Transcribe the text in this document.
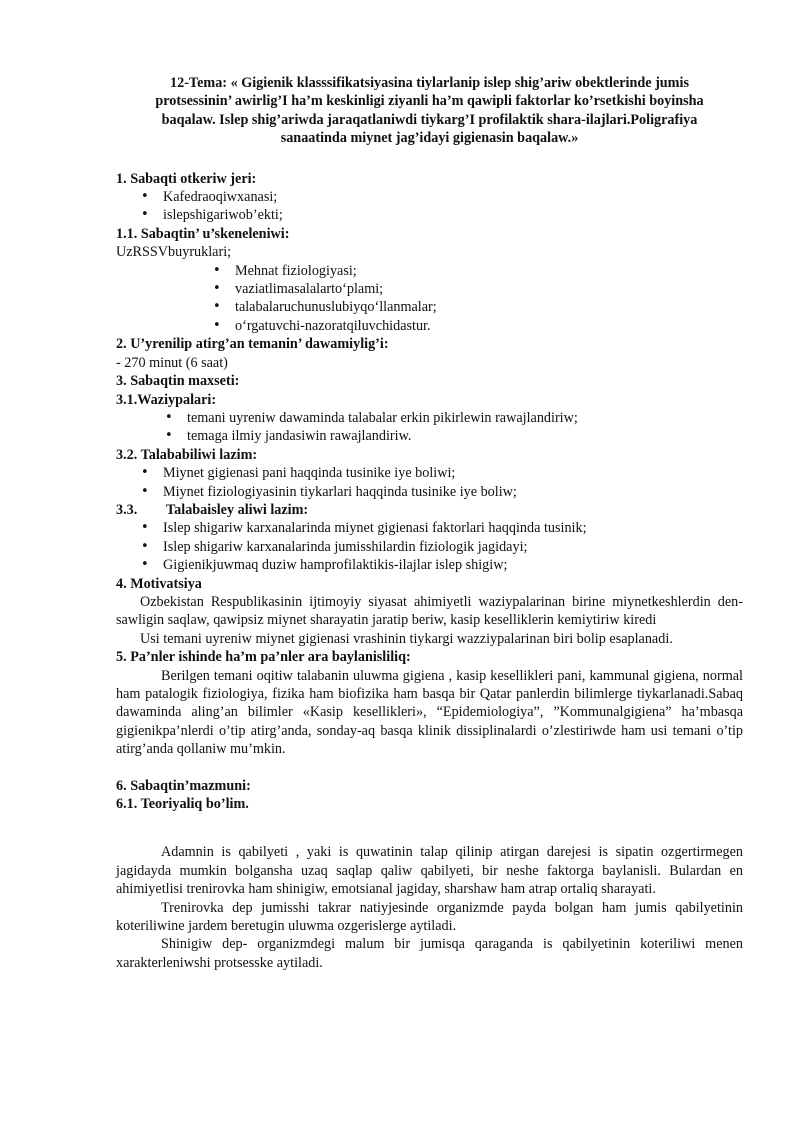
12-Tema: « Gigienik klasssifikatsiyasina tiylarlanip islep shig’ariw obektlerinde jumis protsessinin’ awirlig’I ha’m keskinligi ziyanli ha’m qawipli faktorlar ko’rsetkishi boyinsha baqalaw. Islep shig’ariwda jaraqatlaniwdi tiykarg’I profilaktik shara-ilajlari.Poligrafiya sanaatinda miynet jag’idayi gigienasin baqalaw.»

1. Sabaqti otkeriw jeri:

• Kafedraoqiwxanasi;
• islepshigariwob’ekti;

1.1. Sabaqtin’ u’skeneleniwi:

UzRSSVbuyruklari;

• Mehnat fiziologiyasi;
• vaziatlimasalalarto‘plami;
• talabalaruchunuslubiyqo‘llanmalar;
• o‘rgatuvchi-nazoratqiluvchidastur.

2. U’yrenilip atirg’an temanin’ dawamiylig’i:

- 270 minut (6 saat)

3. Sabaqtin maxseti:

3.1.Waziypalari:

• temani uyreniw dawaminda talabalar erkin pikirlewin rawajlandiriw;
• temaga ilmiy jandasiwin rawajlandiriw.

3.2. Talababiliwi lazim:

• Miynet gigienasi pani haqqinda tusinike iye boliwi;
• Miynet fiziologiyasinin tiykarlari haqqinda tusinike iye boliw;

3.3. Talabaisley aliwi lazim:

• Islep shigariw karxanalarinda miynet gigienasi faktorlari haqqinda tusinik;
• Islep shigariw karxanalarinda jumisshilardin fiziologik jagidayi;
• Gigienikjuwmaq duziw hamprofilaktikis-ilajlar islep shigiw;

4. Motivatsiya

Ozbekistan Respublikasinin ijtimoyiy siyasat ahimiyetli waziypalarinan birine miynetkeshlerdin den-sawligin saqlaw, qawipsiz miynet sharayatin jaratip beriw, kasip keselliklerin kemiytiriw kiredi

Usi temani uyreniw miynet gigienasi vrashinin tiykargi wazziypalarinan biri bolip esaplanadi.

5. Pa’nler ishinde ha’m pa’nler ara baylanisliliq:

Berilgen temani oqitiw talabanin uluwma gigiena , kasip kesellikleri pani, kammunal gigiena, normal ham patalogik fiziologiya, fizika ham biofizika ham basqa bir Qatar panlerdin bilimlerge tiykarlanadi.Sabaq dawaminda aling’an bilimler «Kasip kesellikleri», “Epidemiologiya”, ”Kommunalgigiena” ha’mbasqa gigienikpa’nlerdi o’tip atirg’anda, sonday-aq basqa klinik dissiplinalardi o’zlestiriwde ham usi temani o’tip atirg’anda qollaniw mu’mkin.

6. Sabaqtin’mazmuni:

6.1. Teoriyaliq bo’lim.

Adamnin is qabilyeti , yaki is quwatinin talap qilinip atirgan darejesi is sipatin ozgertirmegen jagidayda mumkin bolgansha uzaq saqlap qaliw qabilyeti, bir neshe faktorga baylanisli. Bulardan en ahimiyetlisi trenirovka ham shinigiw, emotsianal jagiday, sharshaw ham atrap ortaliq sharayati.

Trenirovka dep jumisshi takrar natiyjesinde organizmde payda bolgan ham jumis qabilyetinin koteriliwine jardem beretugin uluwma ozgerislerge aytiladi.

Shinigiw dep- organizmdegi malum bir jumisqa qaraganda is qabilyetinin koteriliwi menen xarakterleniwshi protsesske aytiladi.
